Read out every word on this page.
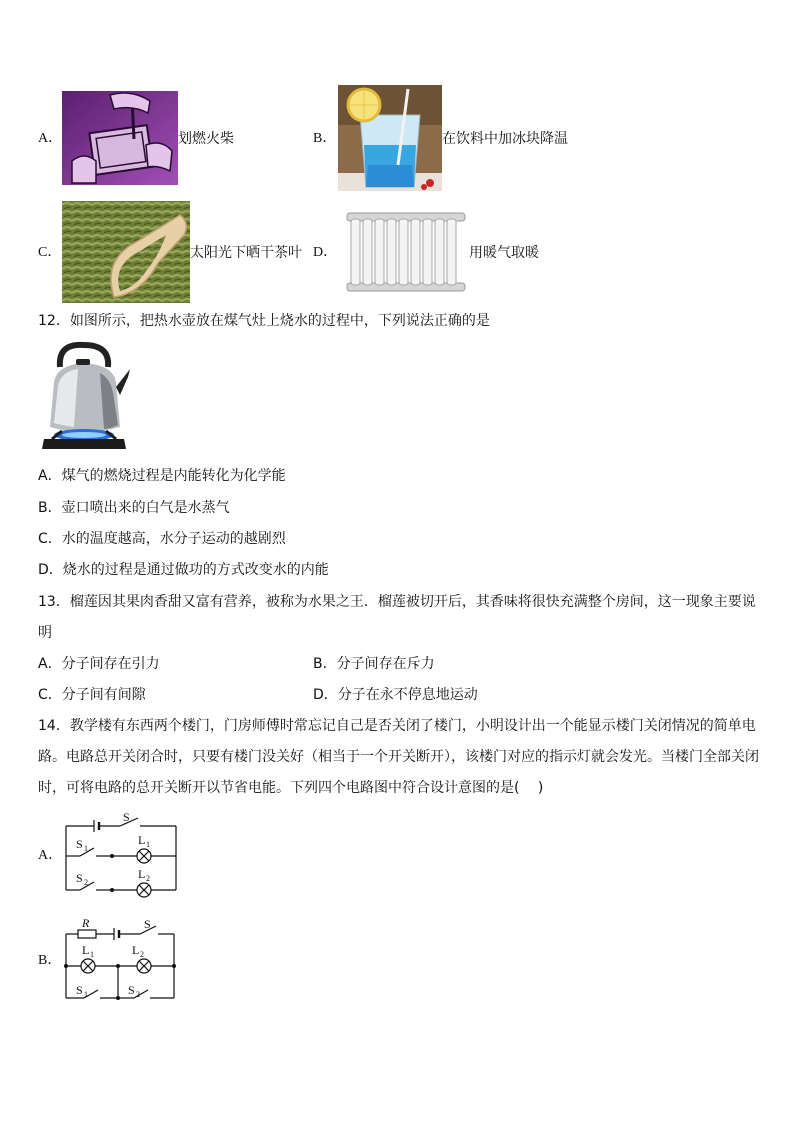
A．	划燃火柴	B．	在饮料中加冰块降温
C．	太阳光下晒干茶叶 D．	用暖气取暖
12．如图所示，把热水壶放在煤气灶上烧水的过程中，下列说法正确的是
A．煤气的燃烧过程是内能转化为化学能
B．壶口喷出来的白气是水蒸气
C．水的温度越高，水分子运动的越剧烈
D．烧水的过程是通过做功的方式改变水的内能
13．榴莲因其果肉香甜又富有营养，被称为水果之王．榴莲被切开后，其香味将很快充满整个房间，这一现象主要说
明
A．分子间存在引力	B．分子间存在斥力
C．分子间有间隙	D．分子在永不停息地运动
14．教学楼有东西两个楼门，门房师傅时常忘记自己是否关闭了楼门，小明设计出一个能显示楼门关闭情况的简单电
路。电路总开关闭合时，只要有楼门没关好（相当于一个开关断开），该楼门对应的指示灯就会发光。当楼门全部关闭
时，可将电路的总开关断开以节省电能。下列四个电路图中符合设计意图的是(　 )
A．
S
S 1
S 2
L 1
L 2
B．
R	S
L 1	L 2
S 1	S 2
